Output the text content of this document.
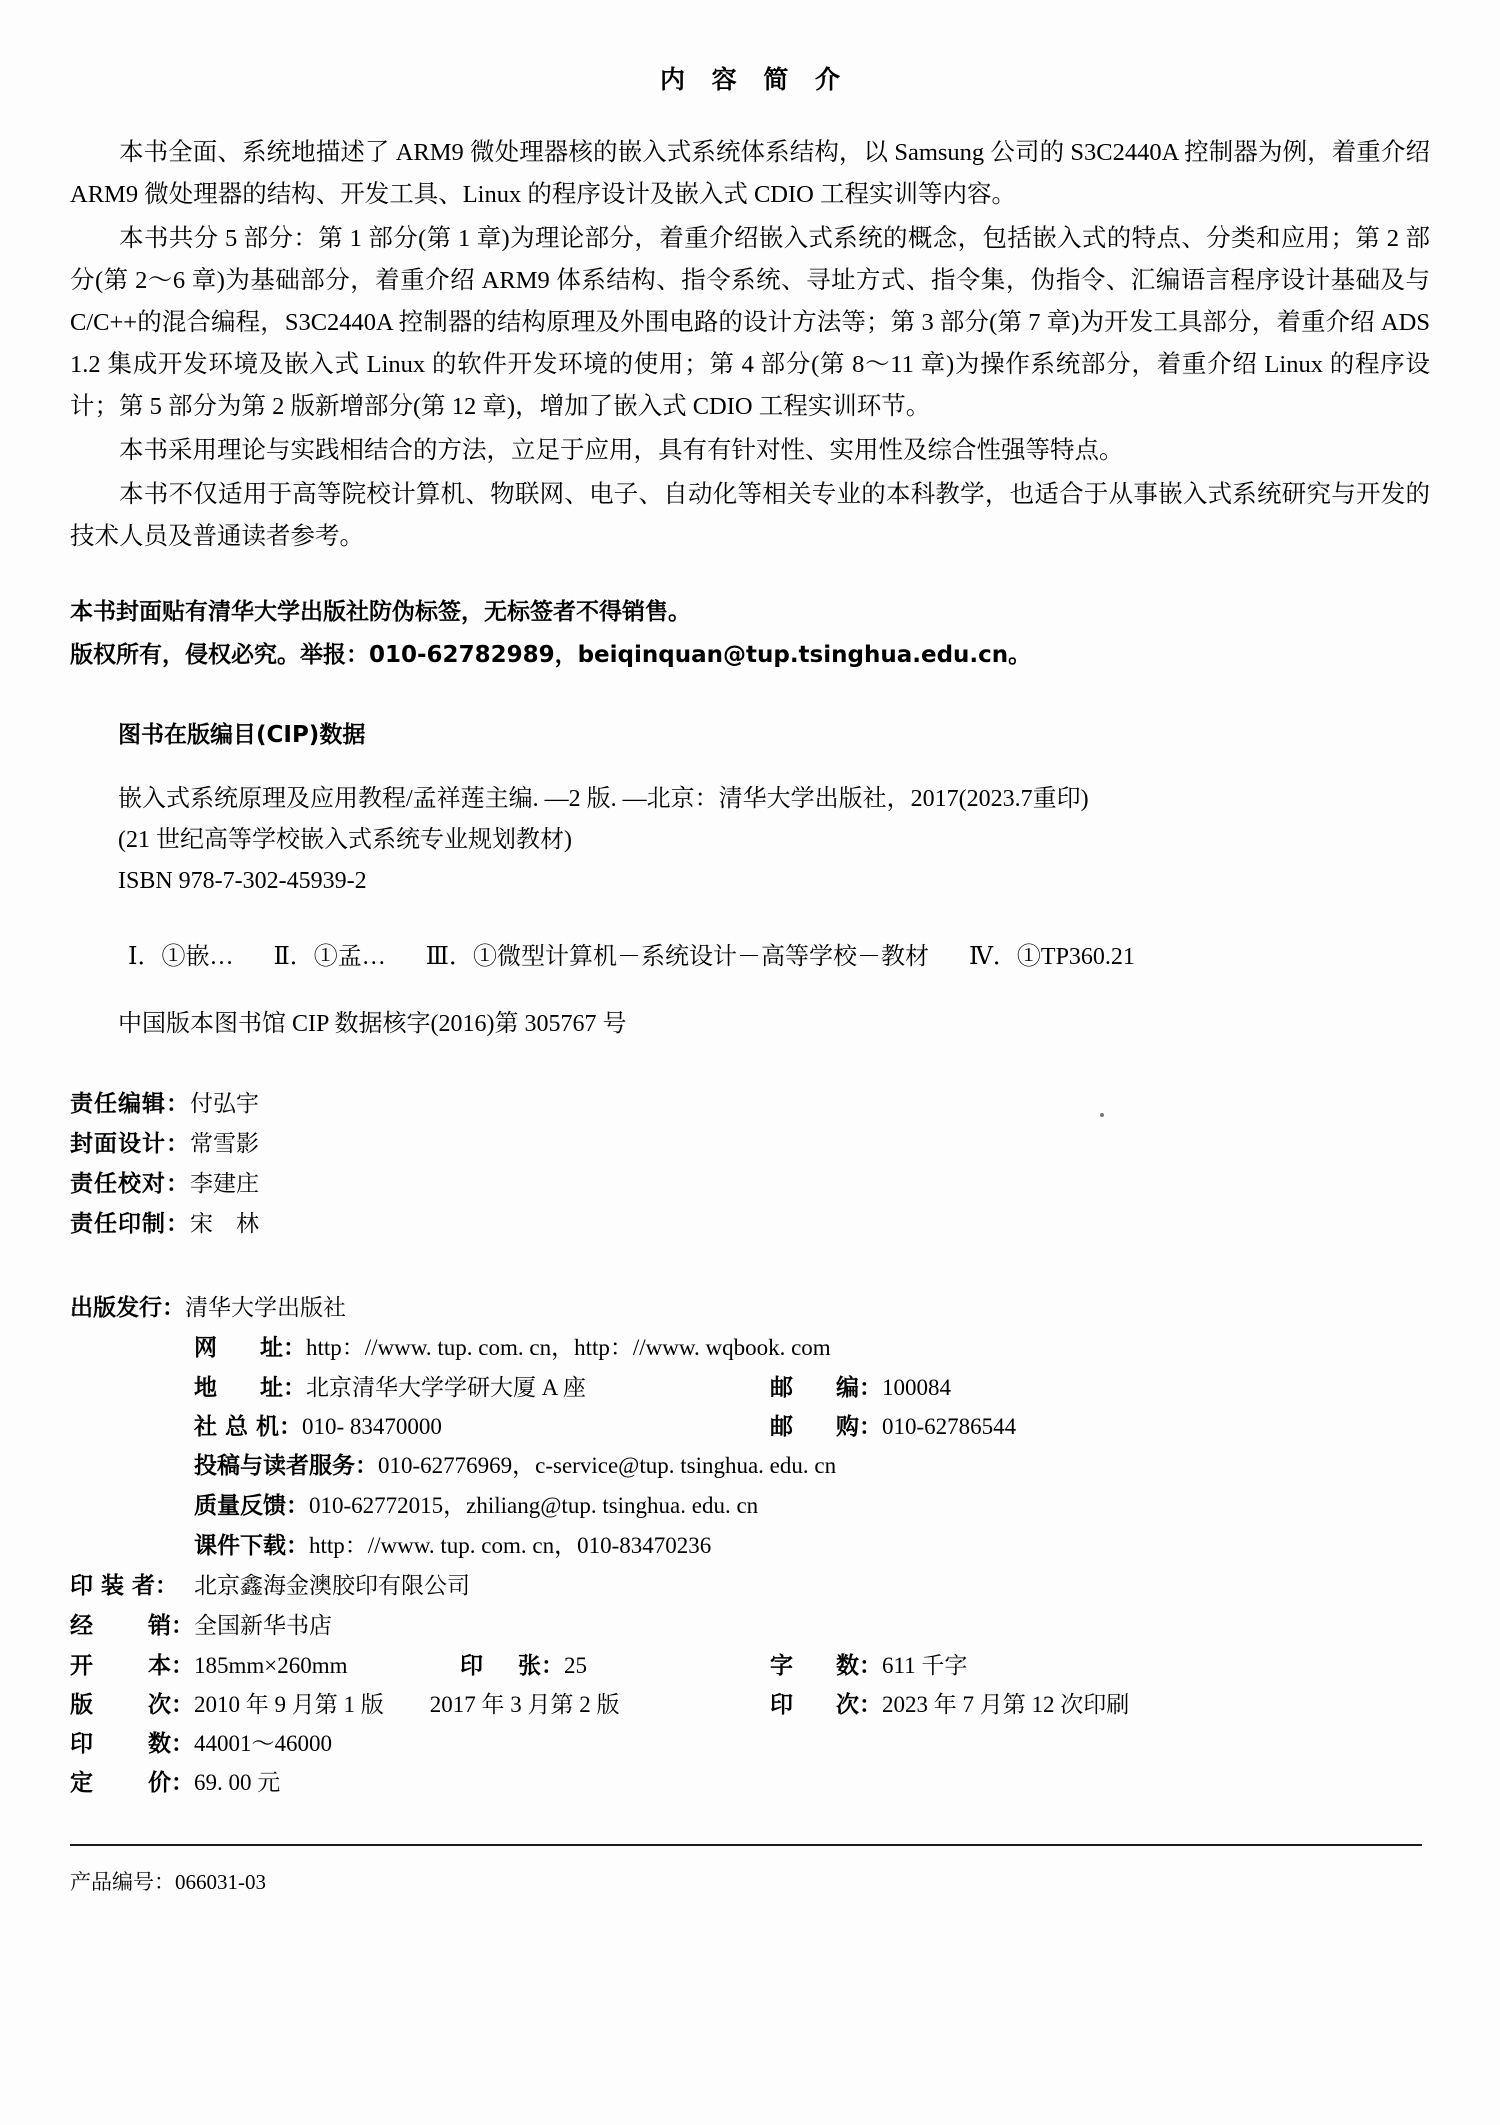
内 容 简 介

本书全面、系统地描述了 ARM9 微处理器核的嵌入式系统体系结构，以 Samsung 公司的 S3C2440A 控制器为例，着重介绍 ARM9 微处理器的结构、开发工具、Linux 的程序设计及嵌入式 CDIO 工程实训等内容。

本书共分 5 部分：第 1 部分(第 1 章)为理论部分，着重介绍嵌入式系统的概念，包括嵌入式的特点、分类和应用；第 2 部分(第 2～6 章)为基础部分，着重介绍 ARM9 体系结构、指令系统、寻址方式、指令集，伪指令、汇编语言程序设计基础及与 C/C++的混合编程，S3C2440A 控制器的结构原理及外围电路的设计方法等；第 3 部分(第 7 章)为开发工具部分，着重介绍 ADS 1.2 集成开发环境及嵌入式 Linux 的软件开发环境的使用；第 4 部分(第 8～11 章)为操作系统部分，着重介绍 Linux 的程序设计；第 5 部分为第 2 版新增部分(第 12 章)，增加了嵌入式 CDIO 工程实训环节。

本书采用理论与实践相结合的方法，立足于应用，具有有针对性、实用性及综合性强等特点。

本书不仅适用于高等院校计算机、物联网、电子、自动化等相关专业的本科教学，也适合于从事嵌入式系统研究与开发的技术人员及普通读者参考。

本书封面贴有清华大学出版社防伪标签，无标签者不得销售。
版权所有，侵权必究。举报：010-62782989，beiqinquan@tup.tsinghua.edu.cn。
图书在版编目(CIP)数据
嵌入式系统原理及应用教程/孟祥莲主编. —2 版. —北京：清华大学出版社，2017(2023.7重印)
(21 世纪高等学校嵌入式系统专业规划教材)
ISBN 978-7-302-45939-2
Ⅰ．①嵌… Ⅱ．①孟… Ⅲ．①微型计算机－系统设计－高等学校－教材 Ⅳ．①TP360.21
中国版本图书馆 CIP 数据核字(2016)第 305767 号
责任编辑：付弘宇
封面设计：常雪影
责任校对：李建庄
责任印制：宋　林
出版发行：清华大学出版社
网 址： http：//www. tup. com. cn，http：//www. wqbook. com
地 址： 北京清华大学学研大厦 A 座	邮 编： 100084
社 总 机：010- 83470000	邮 购： 010-62786544
投稿与读者服务：010-62776969，c-service@tup. tsinghua. edu. cn
质量反馈：010-62772015，zhiliang@tup. tsinghua. edu. cn
课件下载：http：//www. tup. com. cn，010-83470236
印 装 者： 北京鑫海金澳胶印有限公司
经 销： 全国新华书店
开 本： 185mm×260mm	印 张： 25	字 数： 611 千字
版 次： 2010 年 9 月第 1 版　　2017 年 3 月第 2 版	印 次： 2023 年 7 月第 12 次印刷
印 数： 44001～46000
定 价： 69. 00 元
产品编号：066031-03
